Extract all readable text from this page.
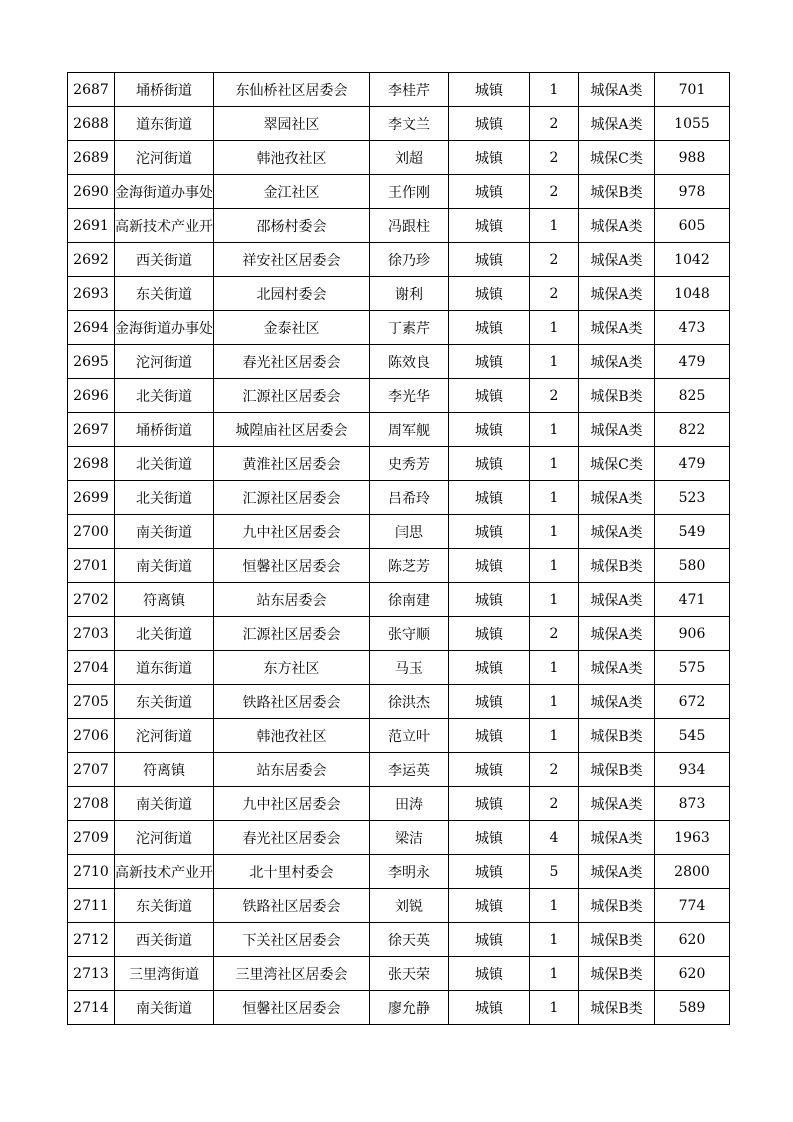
2687	埇桥街道	东仙桥社区居委会	李桂芹	城镇	1	城保A类	701
2688	道东街道	翠园社区	李文兰	城镇	2	城保A类	1055
2689	沱河街道	韩池孜社区	刘超	城镇	2	城保C类	988
2690	金海街道办事处	金江社区	王作刚	城镇	2	城保B类	978
2691	高新技术产业开	邵杨村委会	冯跟柱	城镇	1	城保A类	605
2692	西关街道	祥安社区居委会	徐乃珍	城镇	2	城保A类	1042
2693	东关街道	北园村委会	谢利	城镇	2	城保A类	1048
2694	金海街道办事处	金泰社区	丁素芹	城镇	1	城保A类	473
2695	沱河街道	春光社区居委会	陈效良	城镇	1	城保A类	479
2696	北关街道	汇源社区居委会	李光华	城镇	2	城保B类	825
2697	埇桥街道	城隍庙社区居委会	周军舰	城镇	1	城保A类	822
2698	北关街道	黄淮社区居委会	史秀芳	城镇	1	城保C类	479
2699	北关街道	汇源社区居委会	吕希玲	城镇	1	城保A类	523
2700	南关街道	九中社区居委会	闫思	城镇	1	城保A类	549
2701	南关街道	恒馨社区居委会	陈芝芳	城镇	1	城保B类	580
2702	符离镇	站东居委会	徐南建	城镇	1	城保A类	471
2703	北关街道	汇源社区居委会	张守顺	城镇	2	城保A类	906
2704	道东街道	东方社区	马玉	城镇	1	城保A类	575
2705	东关街道	铁路社区居委会	徐洪杰	城镇	1	城保A类	672
2706	沱河街道	韩池孜社区	范立叶	城镇	1	城保B类	545
2707	符离镇	站东居委会	李运英	城镇	2	城保B类	934
2708	南关街道	九中社区居委会	田涛	城镇	2	城保A类	873
2709	沱河街道	春光社区居委会	梁洁	城镇	4	城保A类	1963
2710	高新技术产业开	北十里村委会	李明永	城镇	5	城保A类	2800
2711	东关街道	铁路社区居委会	刘锐	城镇	1	城保B类	774
2712	西关街道	下关社区居委会	徐天英	城镇	1	城保B类	620
2713	三里湾街道	三里湾社区居委会	张天荣	城镇	1	城保B类	620
2714	南关街道	恒馨社区居委会	廖允静	城镇	1	城保B类	589
